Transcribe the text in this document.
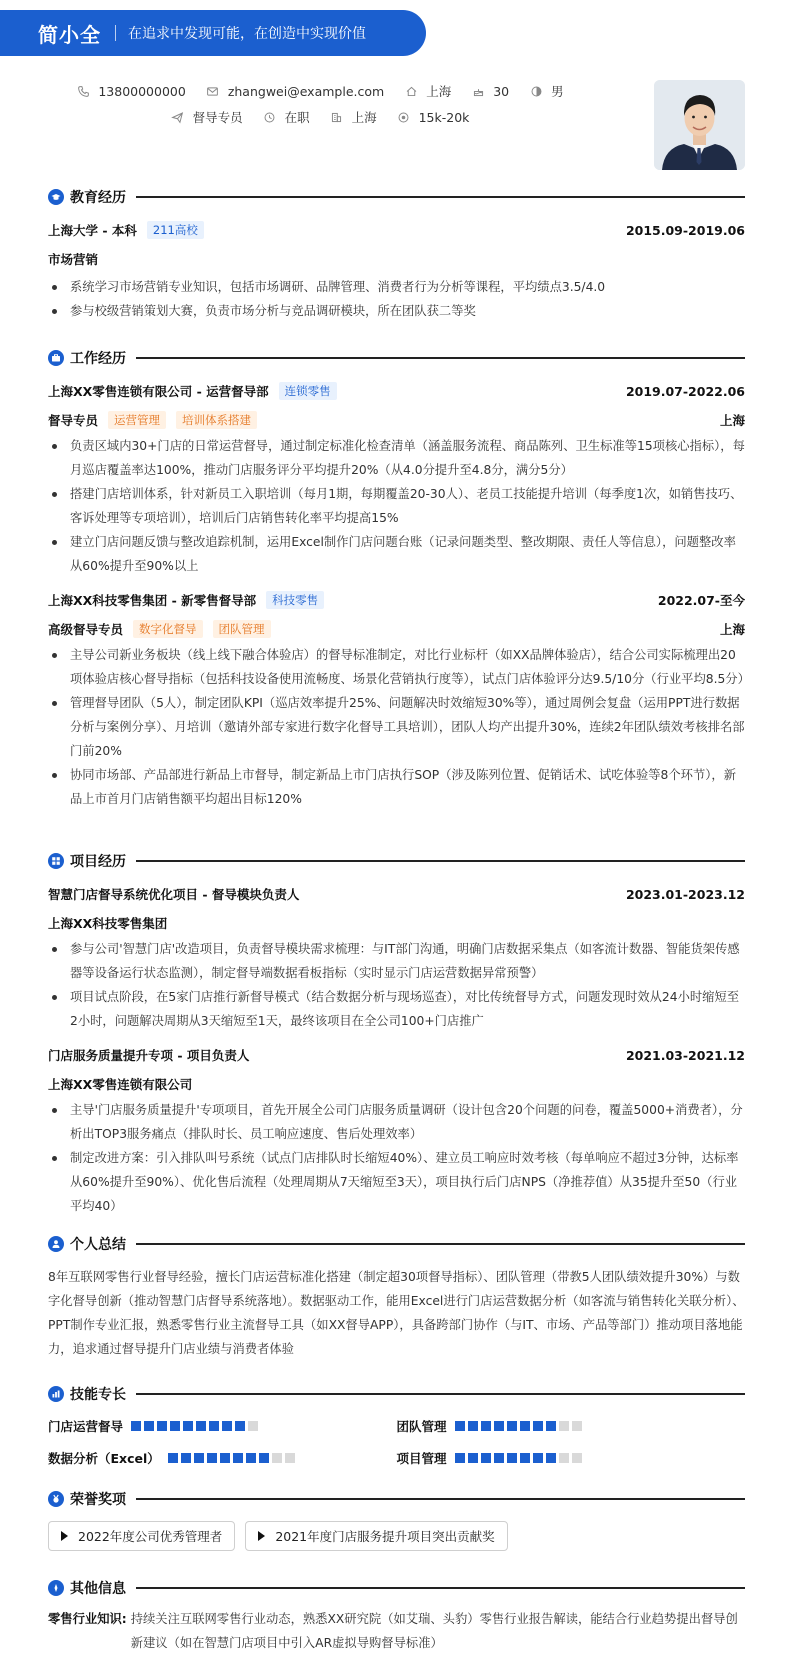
简小全 在追求中发现可能，在创造中实现价值
13800000000	zhangwei@example.com	上海	30	男
督导专员	在职	上海	15k-20k
教育经历
上海大学 - 本科	211高校	2015.09-2019.06
市场营销
系统学习市场营销专业知识，包括市场调研、品牌管理、消费者行为分析等课程，平均绩点3.5/4.0
参与校级营销策划大赛，负责市场分析与竞品调研模块，所在团队获二等奖
工作经历
上海XX零售连锁有限公司 - 运营督导部	连锁零售	2019.07-2022.06
督导专员	运营管理	培训体系搭建	上海
负责区域内30+门店的日常运营督导，通过制定标准化检查清单（涵盖服务流程、商品陈列、卫生标准等15项核心指标），每月巡店覆盖率达100%，推动门店服务评分平均提升20%（从4.0分提升至4.8分，满分5分）
搭建门店培训体系，针对新员工入职培训（每月1期，每期覆盖20-30人）、老员工技能提升培训（每季度1次，如销售技巧、客诉处理等专项培训），培训后门店销售转化率平均提高15%
建立门店问题反馈与整改追踪机制，运用Excel制作门店问题台账（记录问题类型、整改期限、责任人等信息），问题整改率从60%提升至90%以上
上海XX科技零售集团 - 新零售督导部	科技零售	2022.07-至今
高级督导专员	数字化督导	团队管理	上海
主导公司新业务板块（线上线下融合体验店）的督导标准制定，对比行业标杆（如XX品牌体验店），结合公司实际梳理出20项体验店核心督导指标（包括科技设备使用流畅度、场景化营销执行度等），试点门店体验评分达9.5/10分（行业平均8.5分）
管理督导团队（5人），制定团队KPI（巡店效率提升25%、问题解决时效缩短30%等），通过周例会复盘（运用PPT进行数据分析与案例分享）、月培训（邀请外部专家进行数字化督导工具培训），团队人均产出提升30%，连续2年团队绩效考核排名部门前20%
协同市场部、产品部进行新品上市督导，制定新品上市门店执行SOP（涉及陈列位置、促销话术、试吃体验等8个环节），新品上市首月门店销售额平均超出目标120%
项目经历
智慧门店督导系统优化项目 - 督导模块负责人	2023.01-2023.12
上海XX科技零售集团
参与公司'智慧门店'改造项目，负责督导模块需求梳理：与IT部门沟通，明确门店数据采集点（如客流计数器、智能货架传感器等设备运行状态监测），制定督导端数据看板指标（实时显示门店运营数据异常预警）
项目试点阶段，在5家门店推行新督导模式（结合数据分析与现场巡查），对比传统督导方式，问题发现时效从24小时缩短至2小时，问题解决周期从3天缩短至1天，最终该项目在全公司100+门店推广
门店服务质量提升专项 - 项目负责人	2021.03-2021.12
上海XX零售连锁有限公司
主导'门店服务质量提升'专项项目，首先开展全公司门店服务质量调研（设计包含20个问题的问卷，覆盖5000+消费者），分析出TOP3服务痛点（排队时长、员工响应速度、售后处理效率）
制定改进方案：引入排队叫号系统（试点门店排队时长缩短40%）、建立员工响应时效考核（每单响应不超过3分钟，达标率从60%提升至90%）、优化售后流程（处理周期从7天缩短至3天），项目执行后门店NPS（净推荐值）从35提升至50（行业平均40）
个人总结
8年互联网零售行业督导经验，擅长门店运营标准化搭建（制定超30项督导指标）、团队管理（带教5人团队绩效提升30%）与数字化督导创新（推动智慧门店督导系统落地）。数据驱动工作，能用Excel进行门店运营数据分析（如客流与销售转化关联分析）、PPT制作专业汇报，熟悉零售行业主流督导工具（如XX督导APP），具备跨部门协作（与IT、市场、产品等部门）推动项目落地能力，追求通过督导提升门店业绩与消费者体验
技能专长
门店运营督导	团队管理
数据分析（Excel）	项目管理
荣誉奖项
2022年度公司优秀管理者	2021年度门店服务提升项目突出贡献奖
其他信息
零售行业知识: 持续关注互联网零售行业动态，熟悉XX研究院（如艾瑞、头豹）零售行业报告解读，能结合行业趋势提出督导创新建议（如在智慧门店项目中引入AR虚拟导购督导标准）
